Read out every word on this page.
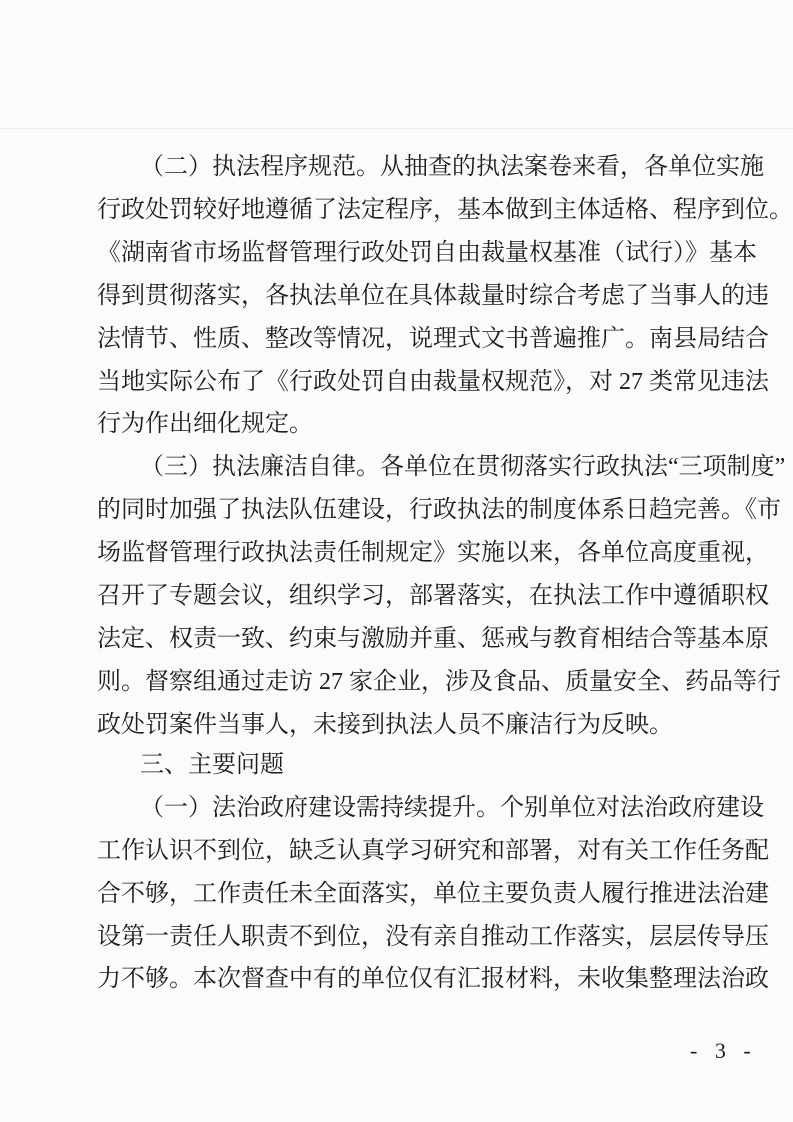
（二）执法程序规范。从抽查的执法案卷来看，各单位实施
行政处罚较好地遵循了法定程序，基本做到主体适格、程序到位。
《湖南省市场监督管理行政处罚自由裁量权基准（试行）》基本
得到贯彻落实，各执法单位在具体裁量时综合考虑了当事人的违
法情节、性质、整改等情况，说理式文书普遍推广。南县局结合
当地实际公布了《行政处罚自由裁量权规范》，对 27 类常见违法
行为作出细化规定。
（三）执法廉洁自律。各单位在贯彻落实行政执法“三项制度”
的同时加强了执法队伍建设，行政执法的制度体系日趋完善。《市
场监督管理行政执法责任制规定》实施以来，各单位高度重视，
召开了专题会议，组织学习，部署落实，在执法工作中遵循职权
法定、权责一致、约束与激励并重、惩戒与教育相结合等基本原
则。督察组通过走访 27 家企业，涉及食品、质量安全、药品等行
政处罚案件当事人，未接到执法人员不廉洁行为反映。
三、主要问题
（一）法治政府建设需持续提升。个别单位对法治政府建设
工作认识不到位，缺乏认真学习研究和部署，对有关工作任务配
合不够，工作责任未全面落实，单位主要负责人履行推进法治建
设第一责任人职责不到位，没有亲自推动工作落实，层层传导压
力不够。本次督查中有的单位仅有汇报材料，未收集整理法治政
- 3 -
